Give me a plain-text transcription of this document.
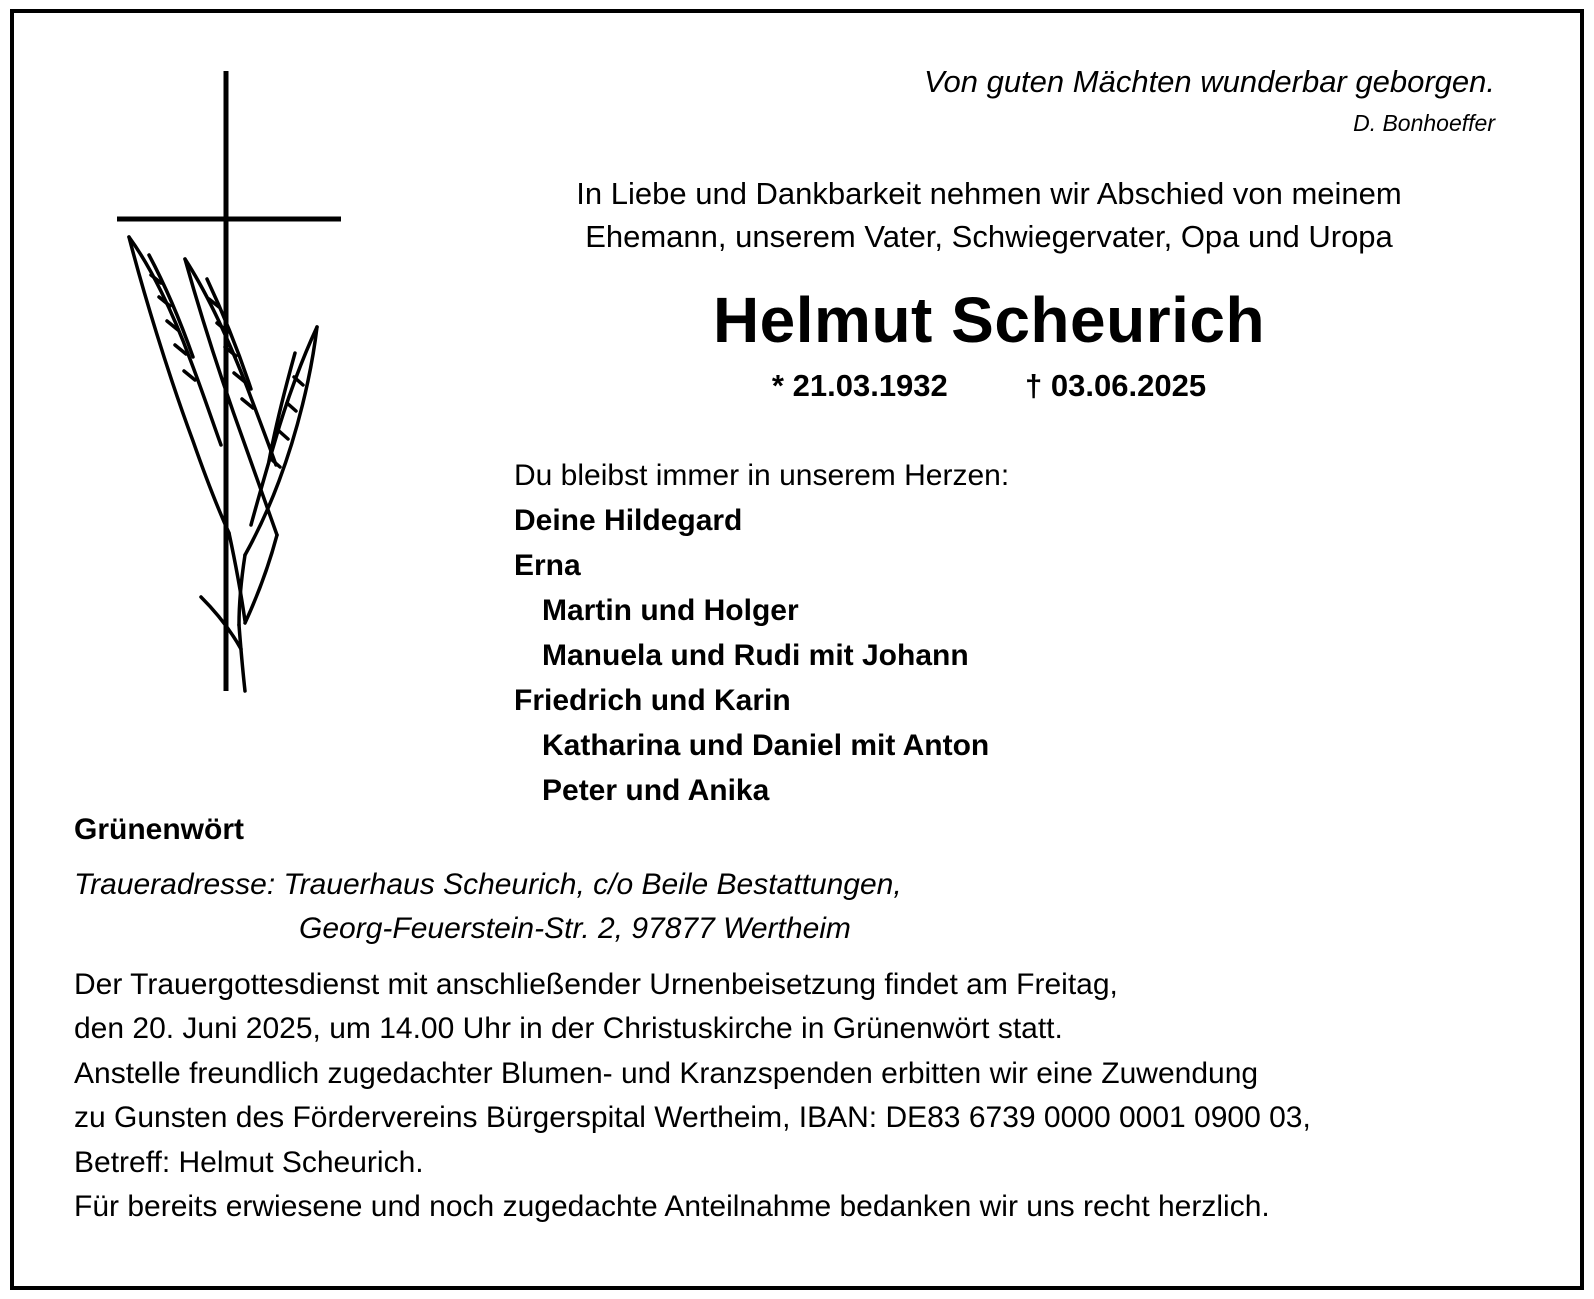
Von guten Mächten wunderbar geborgen.
D. Bonhoeffer
In Liebe und Dankbarkeit nehmen wir Abschied von meinem
Ehemann, unserem Vater, Schwiegervater, Opa und Uropa
Helmut Scheurich
* 21.03.1932 † 03.06.2025
Du bleibst immer in unserem Herzen:
Deine Hildegard
Erna
Martin und Holger
Manuela und Rudi mit Johann
Friedrich und Karin
Katharina und Daniel mit Anton
Peter und Anika
Grünenwört
Traueradresse: Trauerhaus Scheurich, c/o Beile Bestattungen,
Georg-Feuerstein-Str. 2, 97877 Wertheim
Der Trauergottesdienst mit anschließender Urnenbeisetzung findet am Freitag,
den 20. Juni 2025, um 14.00 Uhr in der Christuskirche in Grünenwört statt.
Anstelle freundlich zugedachter Blumen- und Kranzspenden erbitten wir eine Zuwendung
zu Gunsten des Fördervereins Bürgerspital Wertheim, IBAN: DE83 6739 0000 0001 0900 03,
Betreff: Helmut Scheurich.
Für bereits erwiesene und noch zugedachte Anteilnahme bedanken wir uns recht herzlich.
